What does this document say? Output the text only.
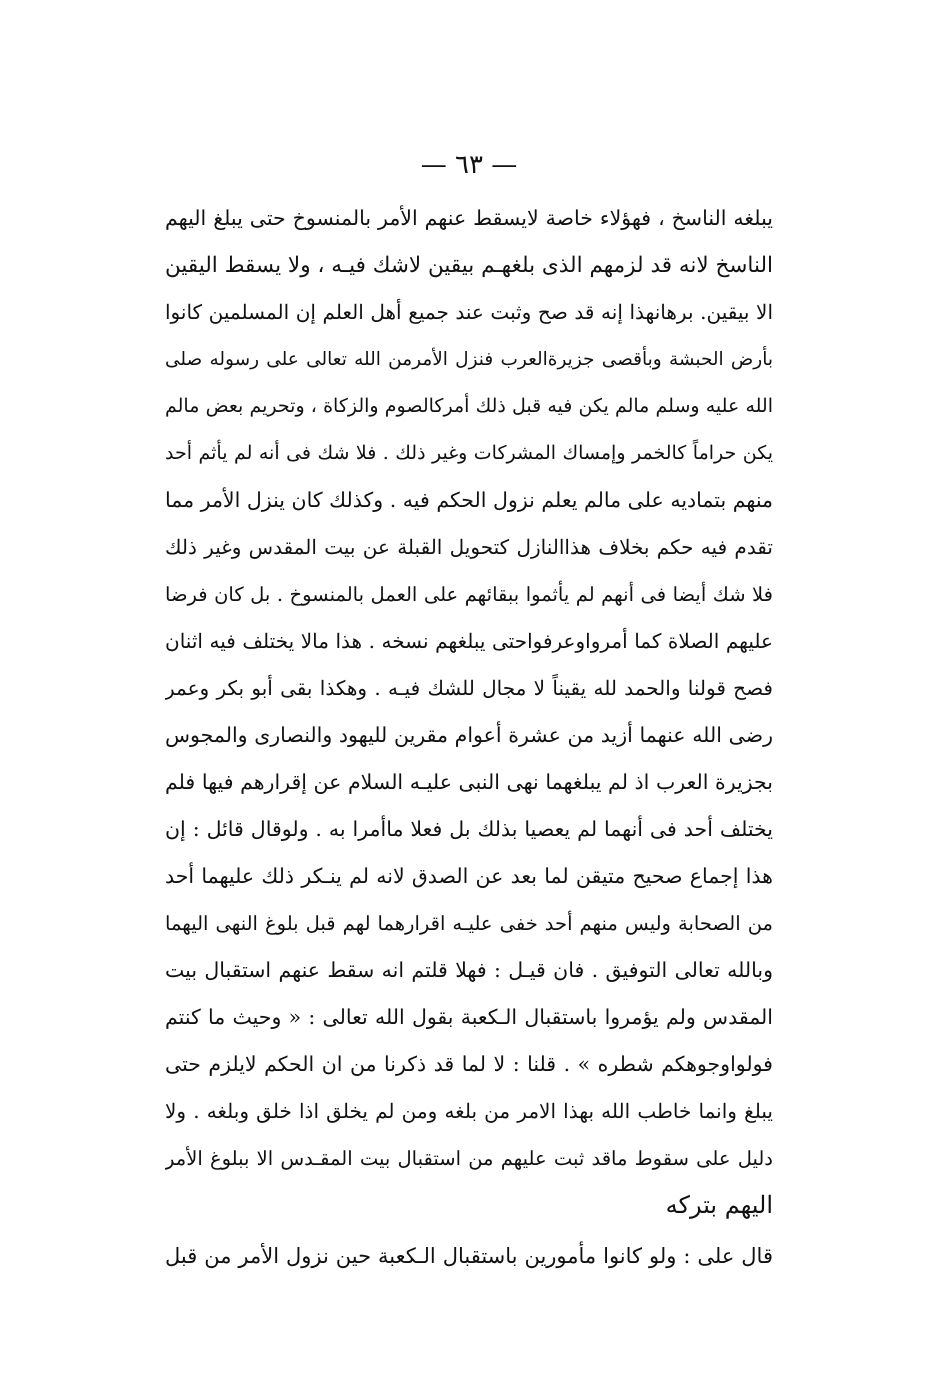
— ٦٣ —
يبلغه الناسخ ، فهؤلاء خاصة لايسقط عنهم الأمر بالمنسوخ حتى يبلغ اليهم
الناسخ لانه قد لزمهم الذى بلغهـم بيقين لاشك فيـه ، ولا يسقط اليقين
الا بيقين. برهانهذا إنه قد صح وثبت عند جميع أهل العلم إن المسلمين كانوا
بأرض الحبشة وبأقصى جزيرةالعرب فنزل الأمرمن الله تعالى على رسوله صلى
الله عليه وسلم مالم يكن فيه قبل ذلك أمركالصوم والزكاة ، وتحريم بعض مالم
يكن حراماً كالخمر وإمساك المشركات وغير ذلك . فلا شك فى أنه لم يأثم أحد
منهم بتماديه على مالم يعلم نزول الحكم فيه . وكذلك كان ينزل الأمر مما
تقدم فيه حكم بخلاف هذاالنازل كتحويل القبلة عن بيت المقدس وغير ذلك
فلا شك أيضا فى أنهم لم يأثموا ببقائهم على العمل بالمنسوخ . بل كان فرضا
عليهم الصلاة كما أمرواوعرفواحتى يبلغهم نسخه . هذا مالا يختلف فيه اثنان
فصح قولنا والحمد لله يقيناً لا مجال للشك فيـه . وهكذا بقى أبو بكر وعمر
رضى الله عنهما أزيد من عشرة أعوام مقرين لليهود والنصارى والمجوس
بجزيرة العرب اذ لم يبلغهما نهى النبى عليـه السلام عن إقرارهم فيها فلم
يختلف أحد فى أنهما لم يعصيا بذلك بل فعلا ماأمرا به . ولوقال قائل : إن
هذا إجماع صحيح متيقن لما بعد عن الصدق لانه لم ينـكر ذلك عليهما أحد
من الصحابة وليس منهم أحد خفى عليـه اقرارهما لهم قبل بلوغ النهى اليهما
وبالله تعالى التوفيق . فان قيـل : فهلا قلتم انه سقط عنهم استقبال بيت
المقدس ولم يؤمروا باستقبال الـكعبة بقول الله تعالى : « وحيث ما كنتم
فولواوجوهكم شطره » . قلنا : لا لما قد ذكرنا من ان الحكم لايلزم حتى
يبلغ وانما خاطب الله بهذا الامر من بلغه ومن لم يخلق اذا خلق وبلغه . ولا
دليل على سقوط ماقد ثبت عليهم من استقبال بيت المقـدس الا ببلوغ الأمر
اليهم بتركه
قال على : ولو كانوا مأمورين باستقبال الـكعبة حين نزول الأمر من قبل
